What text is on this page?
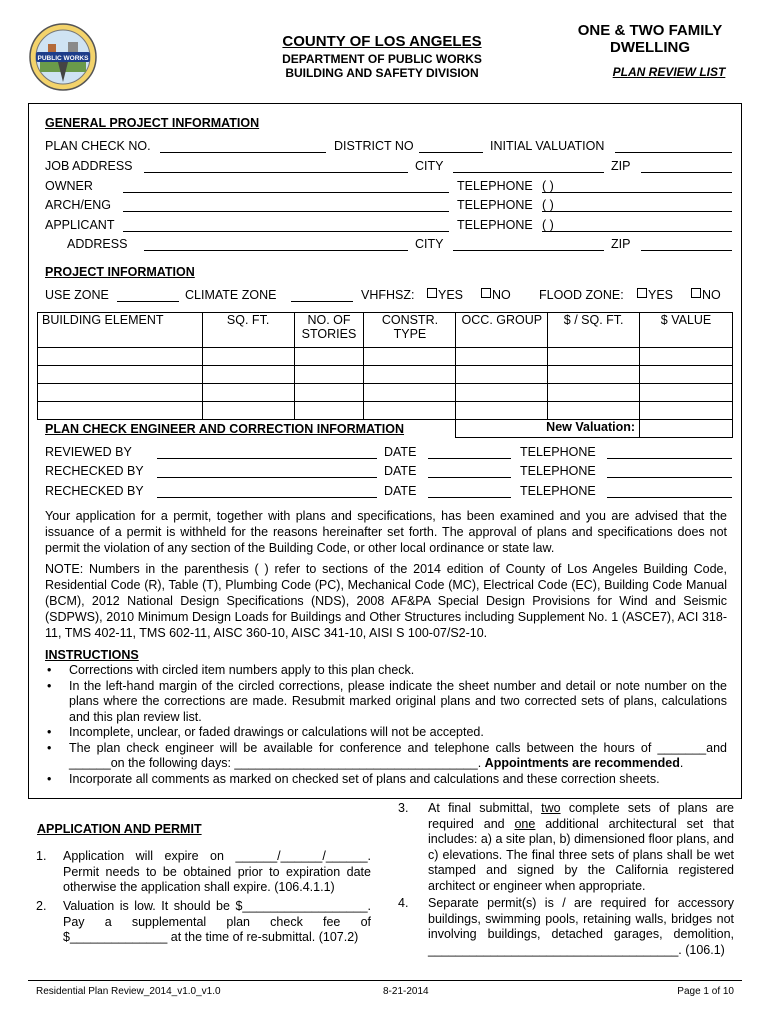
PUBLIC WORKS
COUNTY OF LOS ANGELES
DEPARTMENT OF PUBLIC WORKS
BUILDING AND SAFETY DIVISION
ONE & TWO FAMILY
DWELLING
PLAN REVIEW LIST
GENERAL PROJECT INFORMATION
PLAN CHECK NO.	DISTRICT NO	INITIAL VALUATION
JOB ADDRESS	CITY	ZIP
OWNER	TELEPHONE ( )
ARCH/ENG	TELEPHONE ( )
APPLICANT	TELEPHONE ( )
ADDRESS	CITY	ZIP
PROJECT INFORMATION
USE ZONE	CLIMATE ZONE	VHFHSZ:	YES	NO FLOOD ZONE:	YES	NO
BUILDING ELEMENT	SQ. FT.	NO. OF STORIES	CONSTR. TYPE	OCC. GROUP	$ / SQ. FT.	$ VALUE

				New Valuation:		
PLAN CHECK ENGINEER AND CORRECTION INFORMATION
REVIEWED BY	DATE	TELEPHONE
RECHECKED BY	DATE	TELEPHONE
RECHECKED BY	DATE	TELEPHONE
Your application for a permit, together with plans and specifications, has been examined and you are advised that the issuance of a permit is withheld for the reasons hereinafter set forth. The approval of plans and specifications does not permit the violation of any section of the Building Code, or other local ordinance or state law.
NOTE: Numbers in the parenthesis ( ) refer to sections of the 2014 edition of County of Los Angeles Building Code, Residential Code (R), Table (T), Plumbing Code (PC), Mechanical Code (MC), Electrical Code (EC), Building Code Manual (BCM), 2012 National Design Specifications (NDS), 2008 AF&PA Special Design Provisions for Wind and Seismic (SDPWS), 2010 Minimum Design Loads for Buildings and Other Structures including Supplement No. 1 (ASCE7), ACI 318-11, TMS 402-11, TMS 602-11, AISC 360-10, AISC 341-10, AISI S 100-07/S2-10.
INSTRUCTIONS
• Corrections with circled item numbers apply to this plan check.
• In the left-hand margin of the circled corrections, please indicate the sheet number and detail or note number on the plans where the corrections are made. Resubmit marked original plans and two corrected sets of plans, calculations and this plan review list.
• Incomplete, unclear, or faded drawings or calculations will not be accepted.
• The plan check engineer will be available for conference and telephone calls between the hours of _______and ______on the following days: ___________________________________. Appointments are recommended.
• Incorporate all comments as marked on checked set of plans and calculations and these correction sheets.
APPLICATION AND PERMIT
1. Application will expire on ______/______/______. Permit needs to be obtained prior to expiration date otherwise the application shall expire. (106.4.1.1)
2. Valuation is low. It should be $__________________. Pay a supplemental plan check fee of $______________ at the time of re-submittal. (107.2)
3. At final submittal, two complete sets of plans are required and one additional architectural set that includes: a) a site plan, b) dimensioned floor plans, and c) elevations. The final three sets of plans shall be wet stamped and signed by the California registered architect or engineer when appropriate.
4. Separate permit(s) is / are required for accessory buildings, swimming pools, retaining walls, bridges not involving buildings, detached garages, demolition, ____________________________________. (106.1)
Residential Plan Review_2014_v1.0_v1.0	8-21-2014	Page 1 of 10
